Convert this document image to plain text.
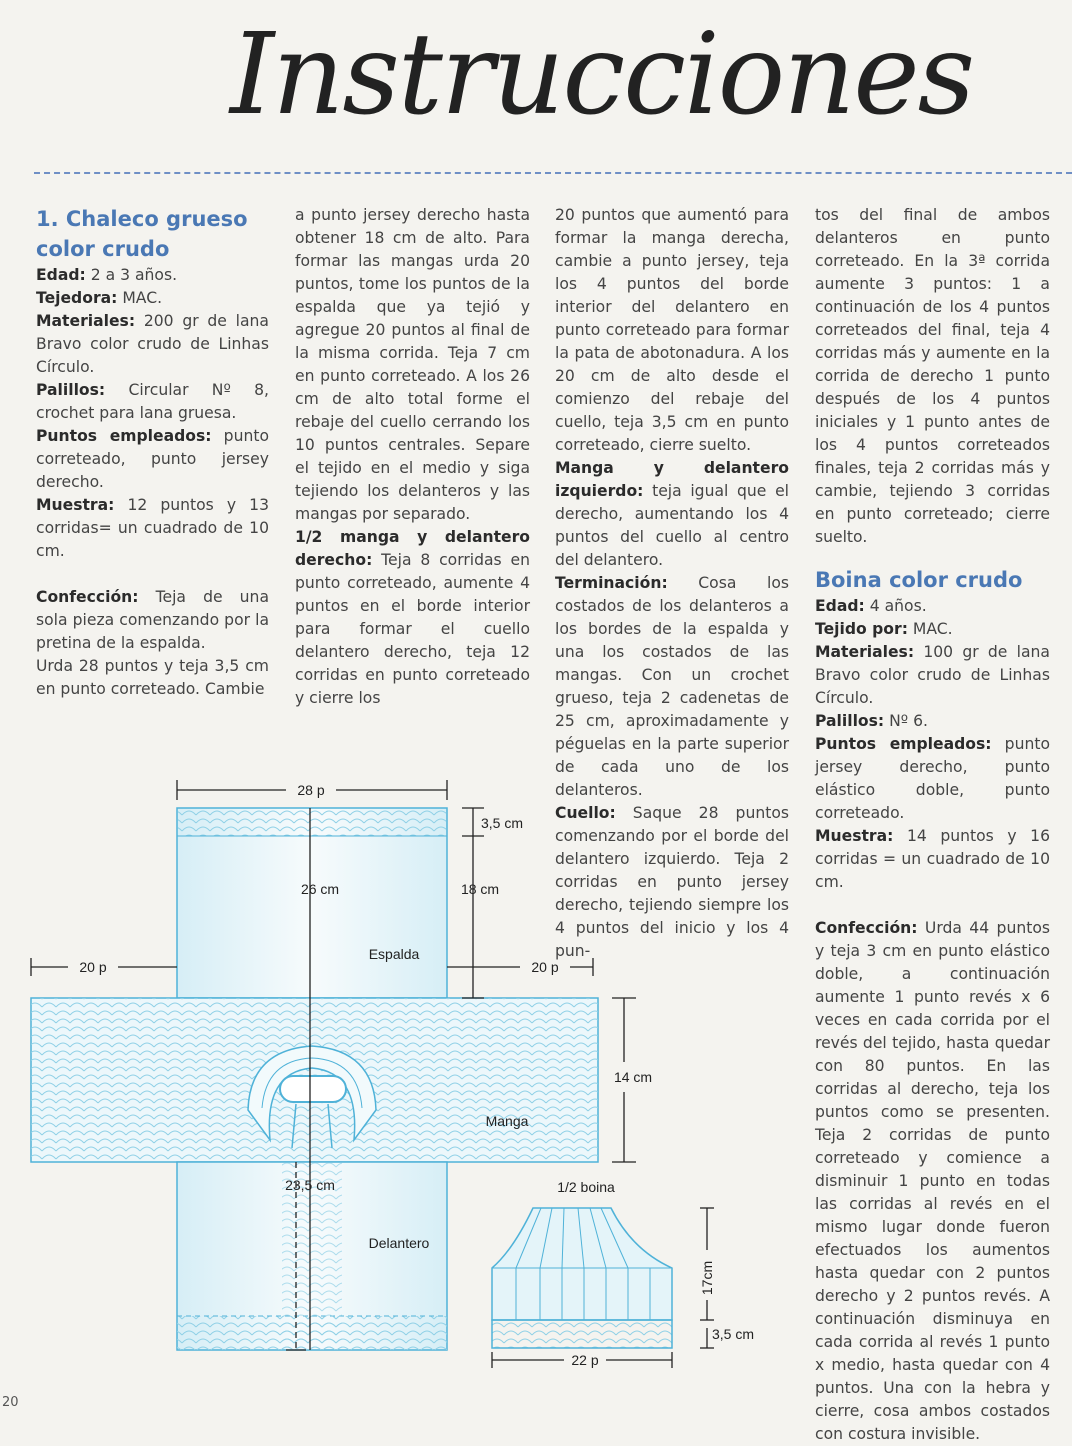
Instrucciones

1. Chaleco grueso color crudo

Edad: 2 a 3 años.

Tejedora: MAC.

Materiales: 200 gr de lana Bravo color crudo de Linhas Círculo.

Palillos: Circular Nº 8, crochet para lana gruesa.

Puntos empleados: punto correteado, punto jersey derecho.

Muestra: 12 puntos y 13 corridas= un cuadrado de 10 cm.

Confección: Teja de una sola pieza comenzando por la pretina de la espalda.

Urda 28 puntos y teja 3,5 cm en punto correteado. Cambie

a punto jersey derecho hasta obtener 18 cm de alto. Para formar las mangas urda 20 puntos, tome los puntos de la espalda que ya tejió y agregue 20 puntos al final de la misma corrida. Teja 7 cm en punto correteado. A los 26 cm de alto total forme el rebaje del cuello cerrando los 10 puntos centrales. Separe el tejido en el medio y siga tejiendo los delanteros y las mangas por separado.

1/2 manga y delantero derecho: Teja 8 corridas en punto correteado, aumente 4 puntos en el borde interior para formar el cuello delantero derecho, teja 12 corridas en punto correteado y cierre los

20 puntos que aumentó para formar la manga derecha, cambie a punto jersey, teja los 4 puntos del borde interior del delantero en punto correteado para formar la pata de abotonadura. A los 20 cm de alto desde el comienzo del rebaje del cuello, teja 3,5 cm en punto correteado, cierre suelto.

Manga y delantero izquierdo: teja igual que el derecho, aumentando los 4 puntos del cuello al centro del delantero.

Terminación: Cosa los costados de los delanteros a los bordes de la espalda y una los costados de las mangas. Con un crochet grueso, teja 2 cadenetas de 25 cm, aproximadamente y péguelas en la parte superior de cada uno de los delanteros.

Cuello: Saque 28 puntos comenzando por el borde del delantero izquierdo. Teja 2 corridas en punto jersey derecho, tejiendo siempre los 4 puntos del inicio y los 4 pun-

tos del final de ambos delanteros en punto correteado. En la 3ª corrida aumente 3 puntos: 1 a continuación de los 4 puntos correteados del final, teja 4 corridas más y aumente en la corrida de derecho 1 punto después de los 4 puntos iniciales y 1 punto antes de los 4 puntos correteados finales, teja 2 corridas más y cambie, tejiendo 3 corridas en punto correteado; cierre suelto.

Boina color crudo

Edad: 4 años.

Tejido por: MAC.

Materiales: 100 gr de lana Bravo color crudo de Linhas Círculo.

Palillos: Nº 6.

Puntos empleados: punto jersey derecho, punto elástico doble, punto correteado.

Muestra: 14 puntos y 16 corridas = un cuadrado de 10 cm.

Confección: Urda 44 puntos y teja 3 cm en punto elástico doble, a continuación aumente 1 punto revés x 6 veces en cada corrida por el revés del tejido, hasta quedar con 80 puntos. En las corridas al derecho, teja los puntos como se presenten. Teja 2 corridas de punto correteado y comience a disminuir 1 punto en todas las corridas al revés en el mismo lugar donde fueron efectuados los aumentos hasta quedar con 2 puntos derecho y 2 puntos revés. A continuación disminuya en cada corrida al revés 1 punto x medio, hasta quedar con 4 puntos. Una con la hebra y cierre, cosa ambos costados con costura invisible.

28 p
3,5 cm
26 cm	18 cm
20 p	20 p
Espalda
14 cm
Manga
23,5 cm
Delantero
1/2 boina
17cm
3,5 cm
22 p
20
